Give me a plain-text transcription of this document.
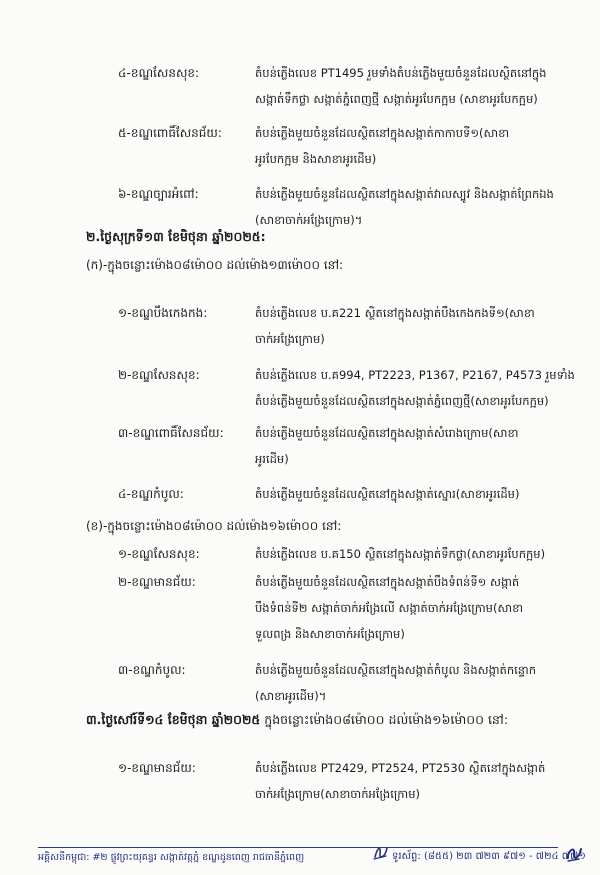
៤-ខណ្ឌសែនសុខ:	តំបន់ភ្លើងលេខ PT1495 រួមទាំងតំបន់ភ្លើងមួយចំនួនដែលស្ថិតនៅក្នុង
សង្កាត់ទឹកថ្លា សង្កាត់ភ្នំពេញថ្មី សង្កាត់អូរបែកក្អម (សាខាអូរបែកក្អម)
៥-ខណ្ឌពោធិ៍សែនជ័យ:	តំបន់ភ្លើងមួយចំនួនដែលស្ថិតនៅក្នុងសង្កាត់កាកាបទី១(សាខា
អូរបែកក្អម និងសាខាអូរដើម)
៦-ខណ្ឌច្បារអំពៅ:	តំបន់ភ្លើងមួយចំនួនដែលស្ថិតនៅក្នុងសង្កាត់វាលស្បូវ និងសង្កាត់ព្រែកឯង
(សាខាចាក់អង្រែក្រោម)។
២.ថ្ងៃសុក្រទី១៣ ខែមិថុនា ឆ្នាំ២០២៥:
(ក)-ក្នុងចន្លោះម៉ោង០៨ម៉ោ០០ ដល់ម៉ោង១៣ម៉ោ០០ នៅ:
១-ខណ្ឌបឹងកេងកង:	តំបន់ភ្លើងលេខ ប.គ221 ស្ថិតនៅក្នុងសង្កាត់បឹងកេងកងទី១(សាខា
ចាក់អង្រែក្រោម)
២-ខណ្ឌសែនសុខ:	តំបន់ភ្លើងលេខ ប.គ994, PT2223, P1367, P2167, P4573 រួមទាំង
តំបន់ភ្លើងមួយចំនួនដែលស្ថិតនៅក្នុងសង្កាត់ភ្នំពេញថ្មី(សាខាអូរបែកក្អម)
៣-ខណ្ឌពោធិ៍សែនជ័យ:	តំបន់ភ្លើងមួយចំនួនដែលស្ថិតនៅក្នុងសង្កាត់សំរោងក្រោម(សាខា
អូរដើម)
៤-ខណ្ឌកំបូល:	តំបន់ភ្លើងមួយចំនួនដែលស្ថិតនៅក្នុងសង្កាត់ស្នោរ(សាខាអូរដើម)
(ខ)-ក្នុងចន្លោះម៉ោង០៨ម៉ោ០០ ដល់ម៉ោង១៦ម៉ោ០០ នៅ:
១-ខណ្ឌសែនសុខ:	តំបន់ភ្លើងលេខ ប.គ150 ស្ថិតនៅក្នុងសង្កាត់ទឹកថ្លា(សាខាអូរបែកក្អម)
២-ខណ្ឌមានជ័យ:	តំបន់ភ្លើងមួយចំនួនដែលស្ថិតនៅក្នុងសង្កាត់បឹងទំពន់ទី១ សង្កាត់
បឹងទំពន់ទី២ សង្កាត់ចាក់អង្រែលើ សង្កាត់ចាក់អង្រែក្រោម(សាខា
ទួលពង្រ និងសាខាចាក់អង្រែក្រោម)
៣-ខណ្ឌកំបូល:	តំបន់ភ្លើងមួយចំនួនដែលស្ថិតនៅក្នុងសង្កាត់កំបូល និងសង្កាត់កន្ទោក
(សាខាអូរដើម)។
៣.ថ្ងៃសៅរ៍ទី១៤ ខែមិថុនា ឆ្នាំ២០២៥ ក្នុងចន្លោះម៉ោង០៨ម៉ោ០០ ដល់ម៉ោង១៦ម៉ោ០០ នៅ:
១-ខណ្ឌមានជ័យ:	តំបន់ភ្លើងលេខ PT2429, PT2524, PT2530 ស្ថិតនៅក្នុងសង្កាត់
ចាក់អង្រែក្រោម(សាខាចាក់អង្រែក្រោម)
អគ្គិសនីកម្ពុជា: #២ ផ្លូវព្រះយុគន្ធរ សង្កាត់វត្តភ្នំ ខណ្ឌដូនពេញ រាជធានីភ្នំពេញ	ទូរស័ព្ទ: (៨៥៥) ២៣ ៧២៣ ៩៧១ - ៧២៤ ៧៧១
